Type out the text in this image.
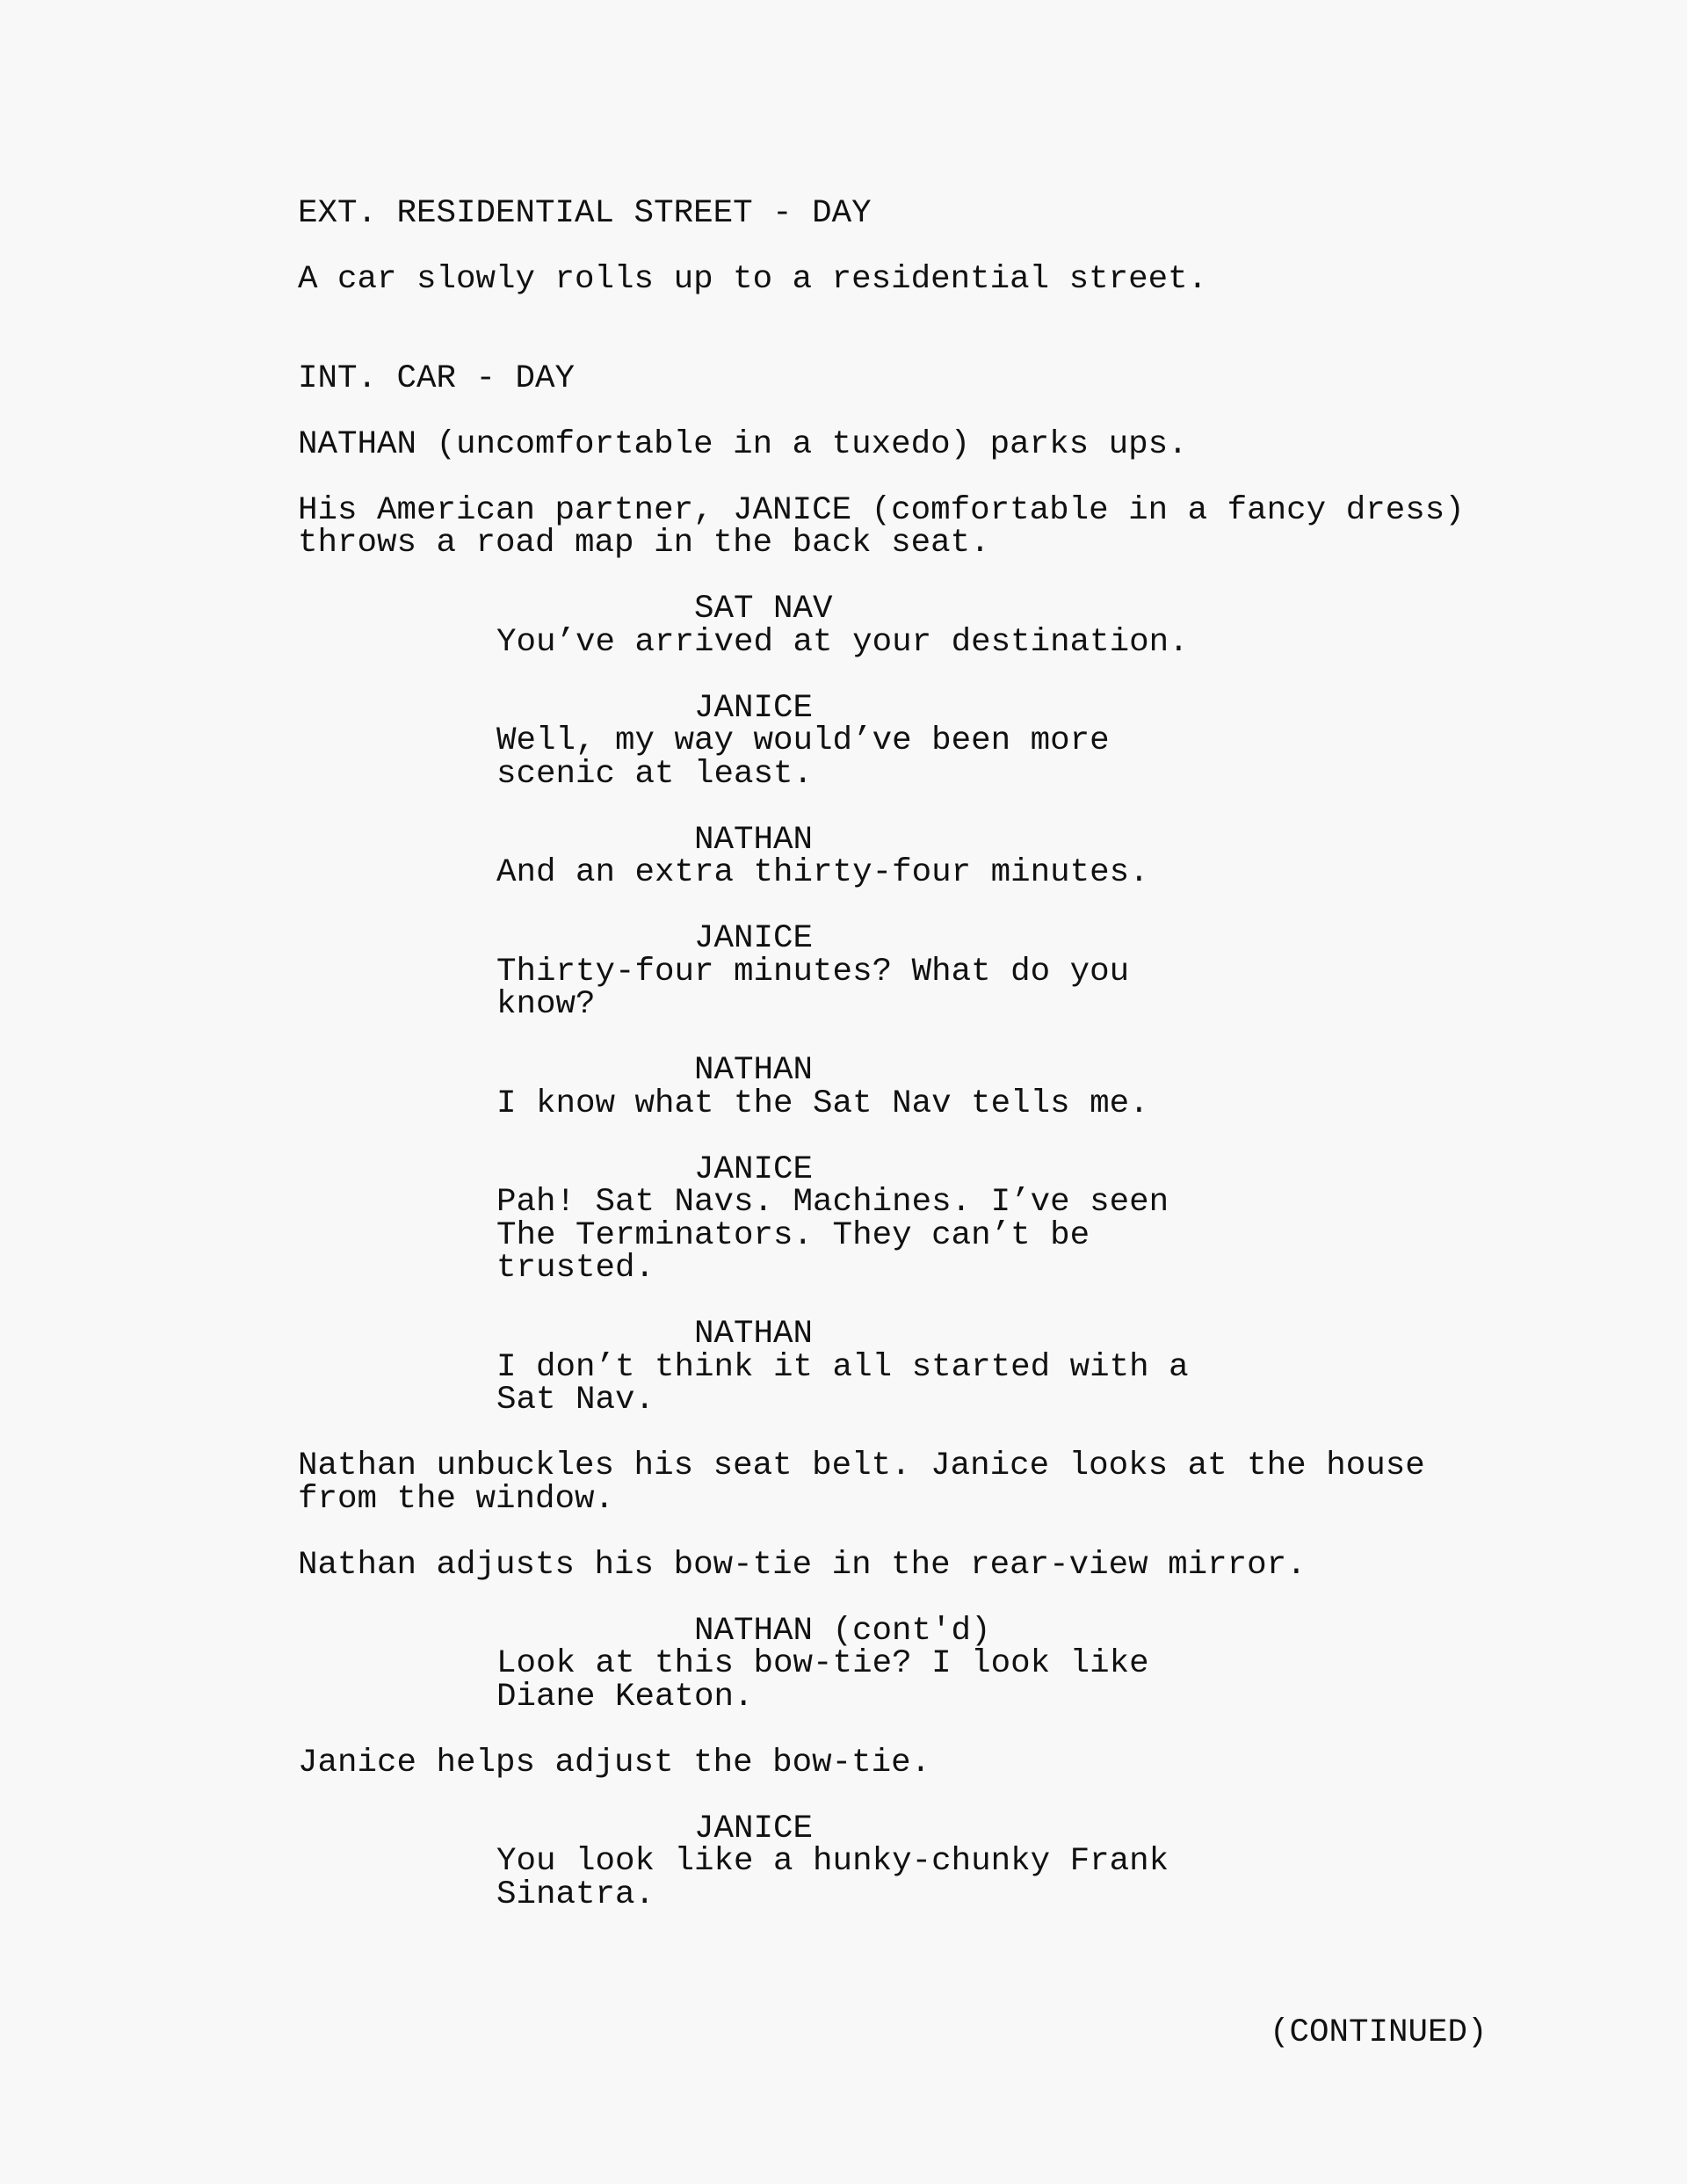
(CONTINUED)
EXT. RESIDENTIAL STREET - DAY
A car slowly rolls up to a residential street.
INT. CAR - DAY
NATHAN (uncomfortable in a tuxedo) parks ups.
His American partner, JANICE (comfortable in a fancy dress)
throws a road map in the back seat.
SAT NAV
You’ve arrived at your destination.
JANICE
Well, my way would’ve been more
scenic at least.
NATHAN
And an extra thirty-four minutes.
JANICE
Thirty-four minutes? What do you
know?
NATHAN
I know what the Sat Nav tells me.
JANICE
Pah! Sat Navs. Machines. I’ve seen
The Terminators. They can’t be
trusted.
NATHAN
I don’t think it all started with a
Sat Nav.
Nathan unbuckles his seat belt. Janice looks at the house
from the window.
Nathan adjusts his bow-tie in the rear-view mirror.
NATHAN (cont'd)
Look at this bow-tie? I look like
Diane Keaton.
Janice helps adjust the bow-tie.
JANICE
You look like a hunky-chunky Frank
Sinatra.
